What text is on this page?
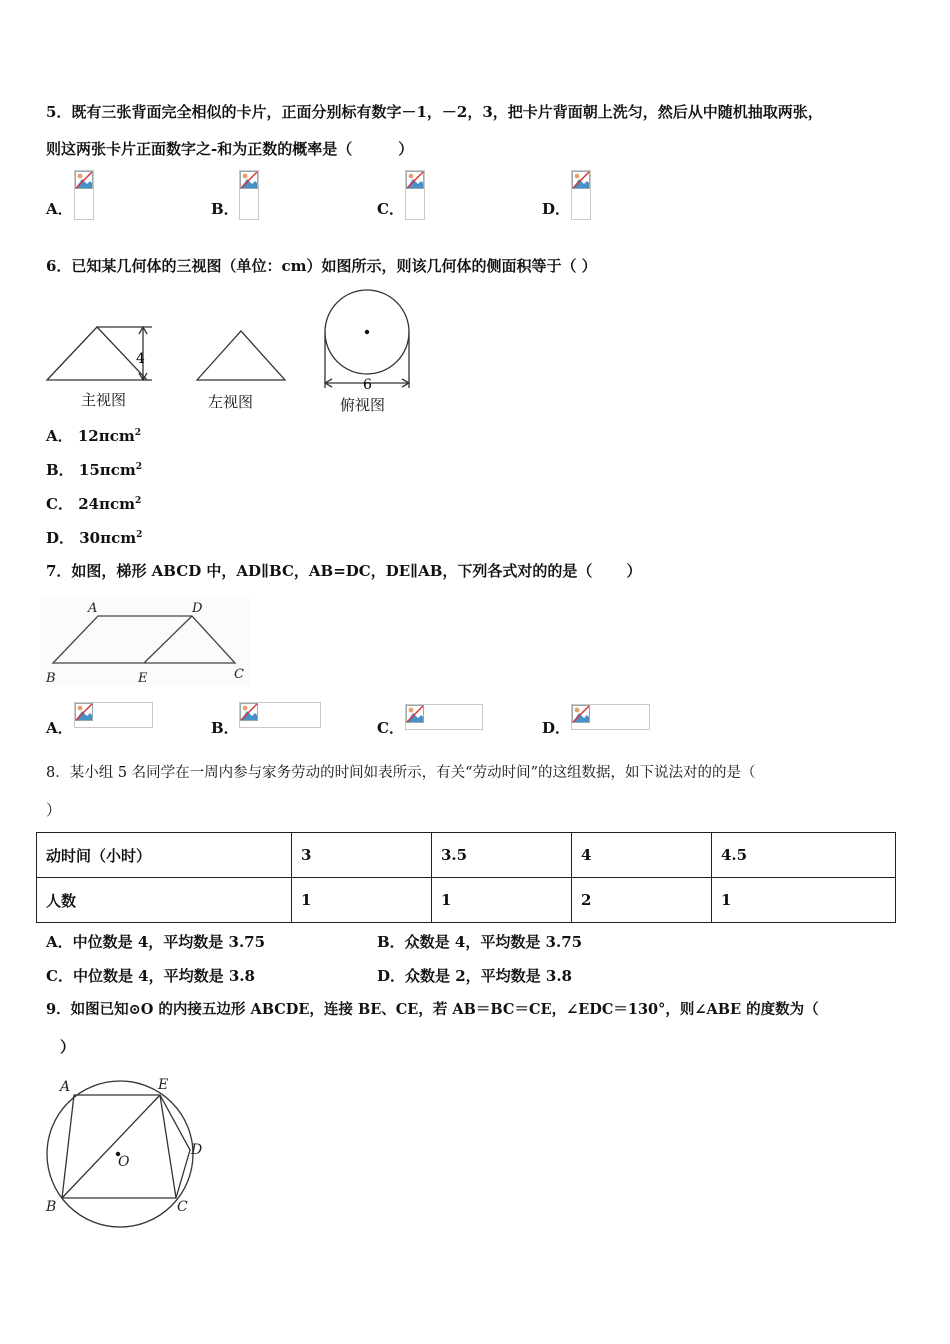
5．既有三张背面完全相似的卡片，正面分别标有数字－1，－2，3，把卡片背面朝上洗匀，然后从中随机抽取两张，
则这两张卡片正面数字之-和为正数的概率是（	）
A．	B．	C．	D．
6．已知某几何体的三视图（单位：cm）如图所示，则该几何体的侧面积等于（ ）
4
6
主视图	左视图	俯视图
A． 12πcm$^2$
B． 15πcm$^2$
C． 24πcm$^2$
D． 30πcm$^2$
7．如图，梯形 ABCD 中，AD∥BC，AB=DC，DE∥AB，下列各式对的的是（ ）
A	D
B	E	C
A．	B．	C．	D．
8．某小组 5 名同学在一周内参与家务劳动的时间如表所示，有关“劳动时间”的这组数据，如下说法对的的是（
）
动时间（小时）	3	3.5	4	4.5
人数	1	1	2	1
A．中位数是 4，平均数是 3.75	B．众数是 4，平均数是 3.75
C．中位数是 4，平均数是 3.8	D．众数是 2，平均数是 3.8
9．如图已知⊙O 的内接五边形 ABCDE，连接 BE、CE，若 AB＝BC＝CE，∠EDC＝130°，则∠ABE 的度数为（
）
A	E
D
O
B	C
